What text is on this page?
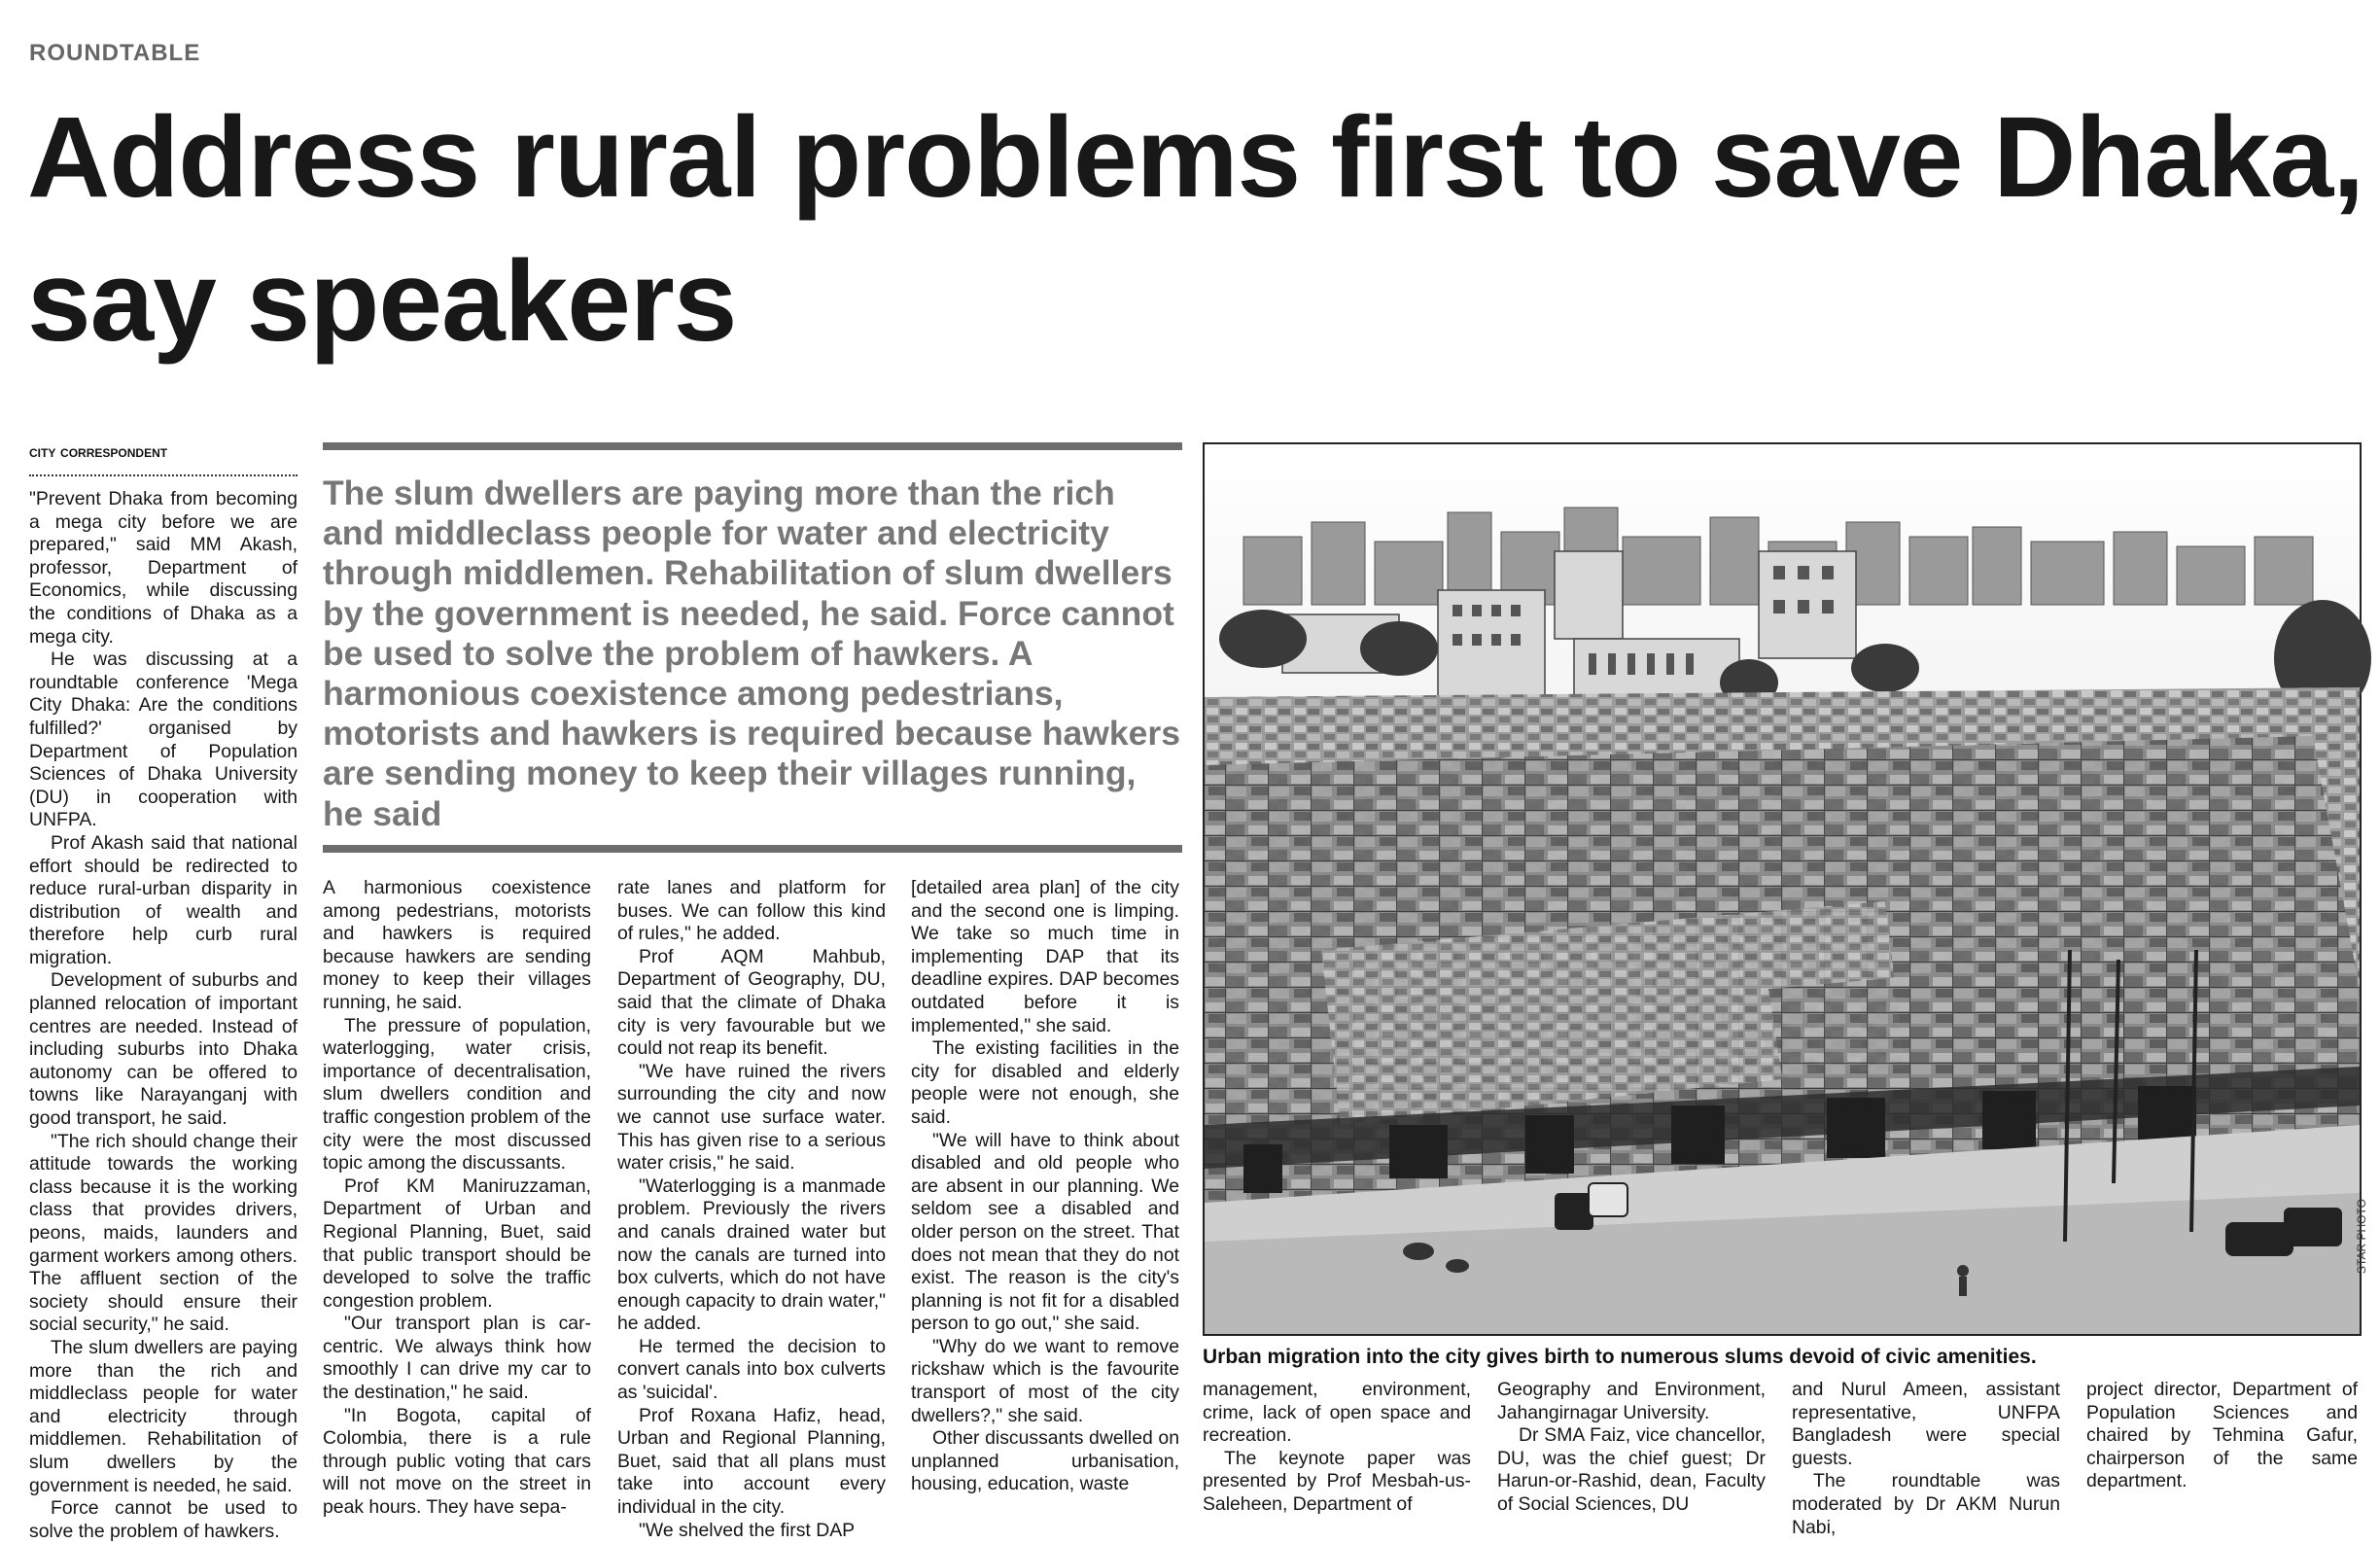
roundtable
Address rural problems first to save Dhaka, say speakers
city correspondent

"Prevent Dhaka from becoming a mega city before we are prepared," said MM Akash, professor, Department of Economics, while discussing the conditions of Dhaka as a mega city.

He was discussing at a roundtable conference 'Mega City Dhaka: Are the conditions fulfilled?' organised by Department of Population Sciences of Dhaka University (DU) in cooperation with UNFPA.

Prof Akash said that national effort should be redirected to reduce rural-urban disparity in distribution of wealth and therefore help curb rural migration.

Development of suburbs and planned relocation of important centres are needed. Instead of including suburbs into Dhaka autonomy can be offered to towns like Narayanganj with good transport, he said.

"The rich should change their attitude towards the working class because it is the working class that provides drivers, peons, maids, launders and garment workers among others. The affluent section of the society should ensure their social security," he said.

The slum dwellers are paying more than the rich and middleclass people for water and electricity through middlemen. Rehabilitation of slum dwellers by the government is needed, he said.

Force cannot be used to solve the problem of hawkers.

The slum dwellers are paying more than the rich and middleclass people for water and electricity through middlemen. Rehabilitation of slum dwellers by the government is needed, he said. Force cannot be used to solve the problem of hawkers. A harmonious coexistence among pedestrians, motorists and hawkers is required because hawkers are sending money to keep their villages running, he said

A harmonious coexistence among pedestrians, motorists and hawkers is required because hawkers are sending money to keep their villages running, he said.

The pressure of population, waterlogging, water crisis, importance of decentralisation, slum dwellers condition and traffic congestion problem of the city were the most discussed topic among the discussants.

Prof KM Maniruzzaman, Department of Urban and Regional Planning, Buet, said that public transport should be developed to solve the traffic congestion problem.

"Our transport plan is car-centric. We always think how smoothly I can drive my car to the destination," he said.

"In Bogota, capital of Colombia, there is a rule through public voting that cars will not move on the street in peak hours. They have sepa-

rate lanes and platform for buses. We can follow this kind of rules," he added.

Prof AQM Mahbub, Department of Geography, DU, said that the climate of Dhaka city is very favourable but we could not reap its benefit.

"We have ruined the rivers surrounding the city and now we cannot use surface water. This has given rise to a serious water crisis," he said.

"Waterlogging is a manmade problem. Previously the rivers and canals drained water but now the canals are turned into box culverts, which do not have enough capacity to drain water," he added.

He termed the decision to convert canals into box culverts as 'suicidal'.

Prof Roxana Hafiz, head, Urban and Regional Planning, Buet, said that all plans must take into account every individual in the city.

"We shelved the first DAP

[detailed area plan] of the city and the second one is limping. We take so much time in implementing DAP that its deadline expires. DAP becomes outdated before it is implemented," she said.

The existing facilities in the city for disabled and elderly people were not enough, she said.

"We will have to think about disabled and old people who are absent in our planning. We seldom see a disabled and older person on the street. That does not mean that they do not exist. The reason is the city's planning is not fit for a disabled person to go out," she said.

"Why do we want to remove rickshaw which is the favourite transport of most of the city dwellers?," she said.

Other discussants dwelled on unplanned urbanisation, housing, education, waste

STAR PHOTO
Urban migration into the city gives birth to numerous slums devoid of civic amenities.

management, environment, crime, lack of open space and recreation.

The keynote paper was presented by Prof Mesbah-us-Saleheen, Department of

Geography and Environment, Jahangirnagar University.

Dr SMA Faiz, vice chancellor, DU, was the chief guest; Dr Harun-or-Rashid, dean, Faculty of Social Sciences, DU

and Nurul Ameen, assistant representative, UNFPA Bangladesh were special guests.

The roundtable was moderated by Dr AKM Nurun Nabi,

project director, Department of Population Sciences and chaired by Tehmina Gafur, chairperson of the same department.
